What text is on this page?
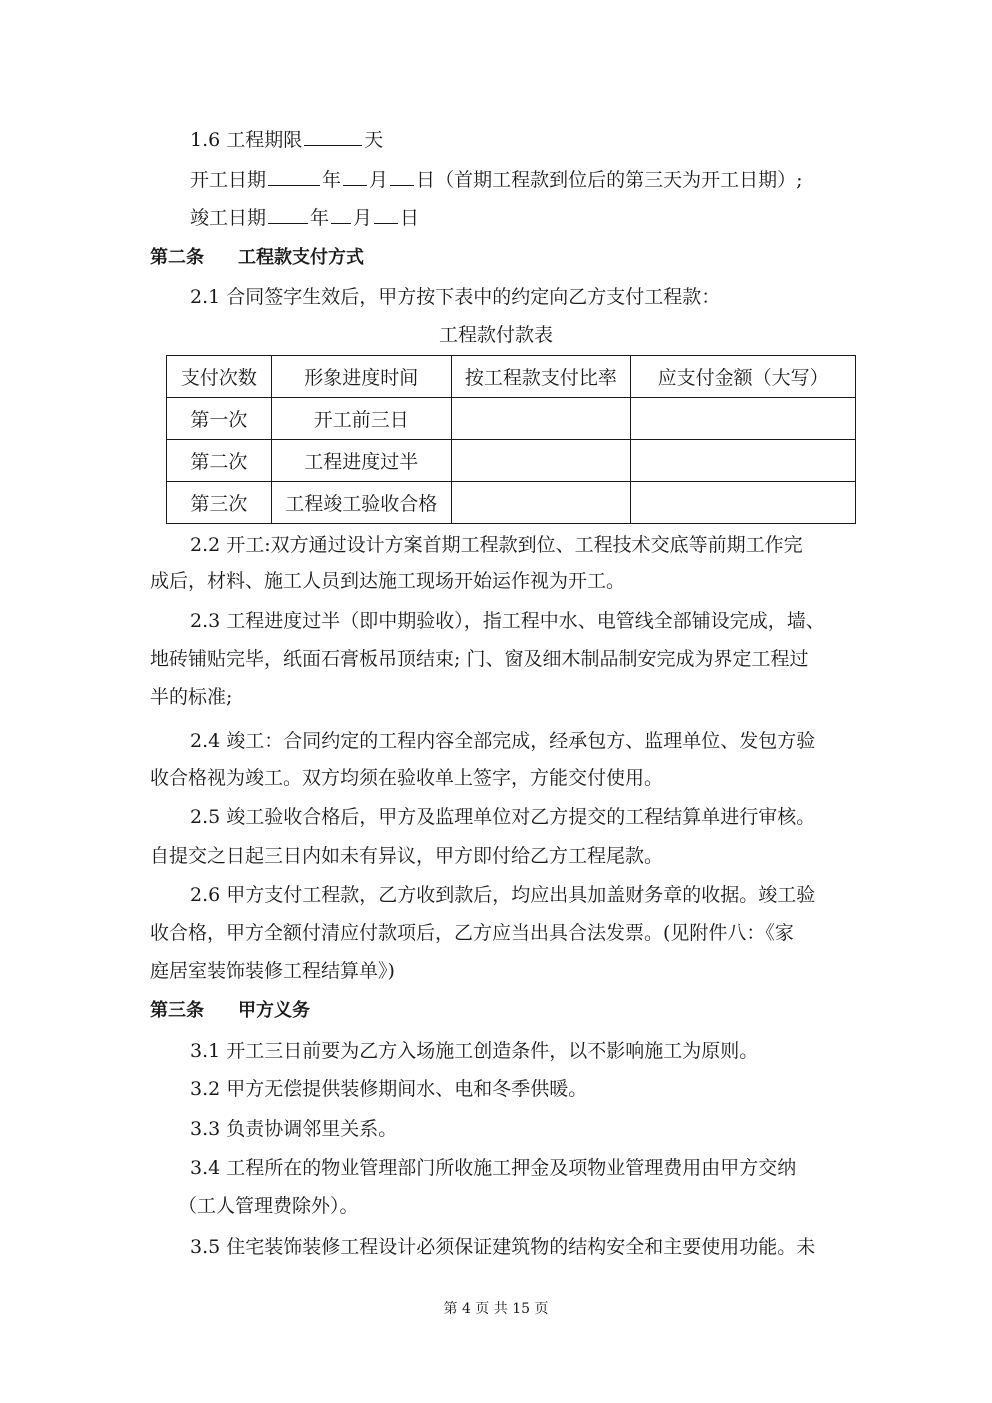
1.6 工程期限	天
开工日期	年 月 日（首期工程款到位后的第三天为开工日期）;
竣工日期 年 月 日
第二条 工程款支付方式
2.1 合同签字生效后，甲方按下表中的约定向乙方支付工程款：
工程款付款表
支付次数	形象进度时间	按工程款支付比率	应支付金额（大写）
第一次	开工前三日		
第二次	工程进度过半		
第三次	工程竣工验收合格		
2.2 开工:双方通过设计方案首期工程款到位、工程技术交底等前期工作完
成后，材料、施工人员到达施工现场开始运作视为开工。
2.3 工程进度过半（即中期验收），指工程中水、电管线全部铺设完成，墙、
地砖铺贴完毕，纸面石膏板吊顶结束; 门、窗及细木制品制安完成为界定工程过
半的标准;
2.4 竣工：合同约定的工程内容全部完成，经承包方、监理单位、发包方验
收合格视为竣工。双方均须在验收单上签字，方能交付使用。
2.5 竣工验收合格后，甲方及监理单位对乙方提交的工程结算单进行审核。
自提交之日起三日内如未有异议，甲方即付给乙方工程尾款。
2.6 甲方支付工程款，乙方收到款后，均应出具加盖财务章的收据。竣工验
收合格，甲方全额付清应付款项后，乙方应当出具合法发票。(见附件八：《家
庭居室装饰装修工程结算单》)
第三条 甲方义务
3.1 开工三日前要为乙方入场施工创造条件，以不影响施工为原则。
3.2 甲方无偿提供装修期间水、电和冬季供暖。
3.3 负责协调邻里关系。
3.4 工程所在的物业管理部门所收施工押金及项物业管理费用由甲方交纳
（工人管理费除外）。
3.5 住宅装饰装修工程设计必须保证建筑物的结构安全和主要使用功能。未
第 4 页 共 15 页
